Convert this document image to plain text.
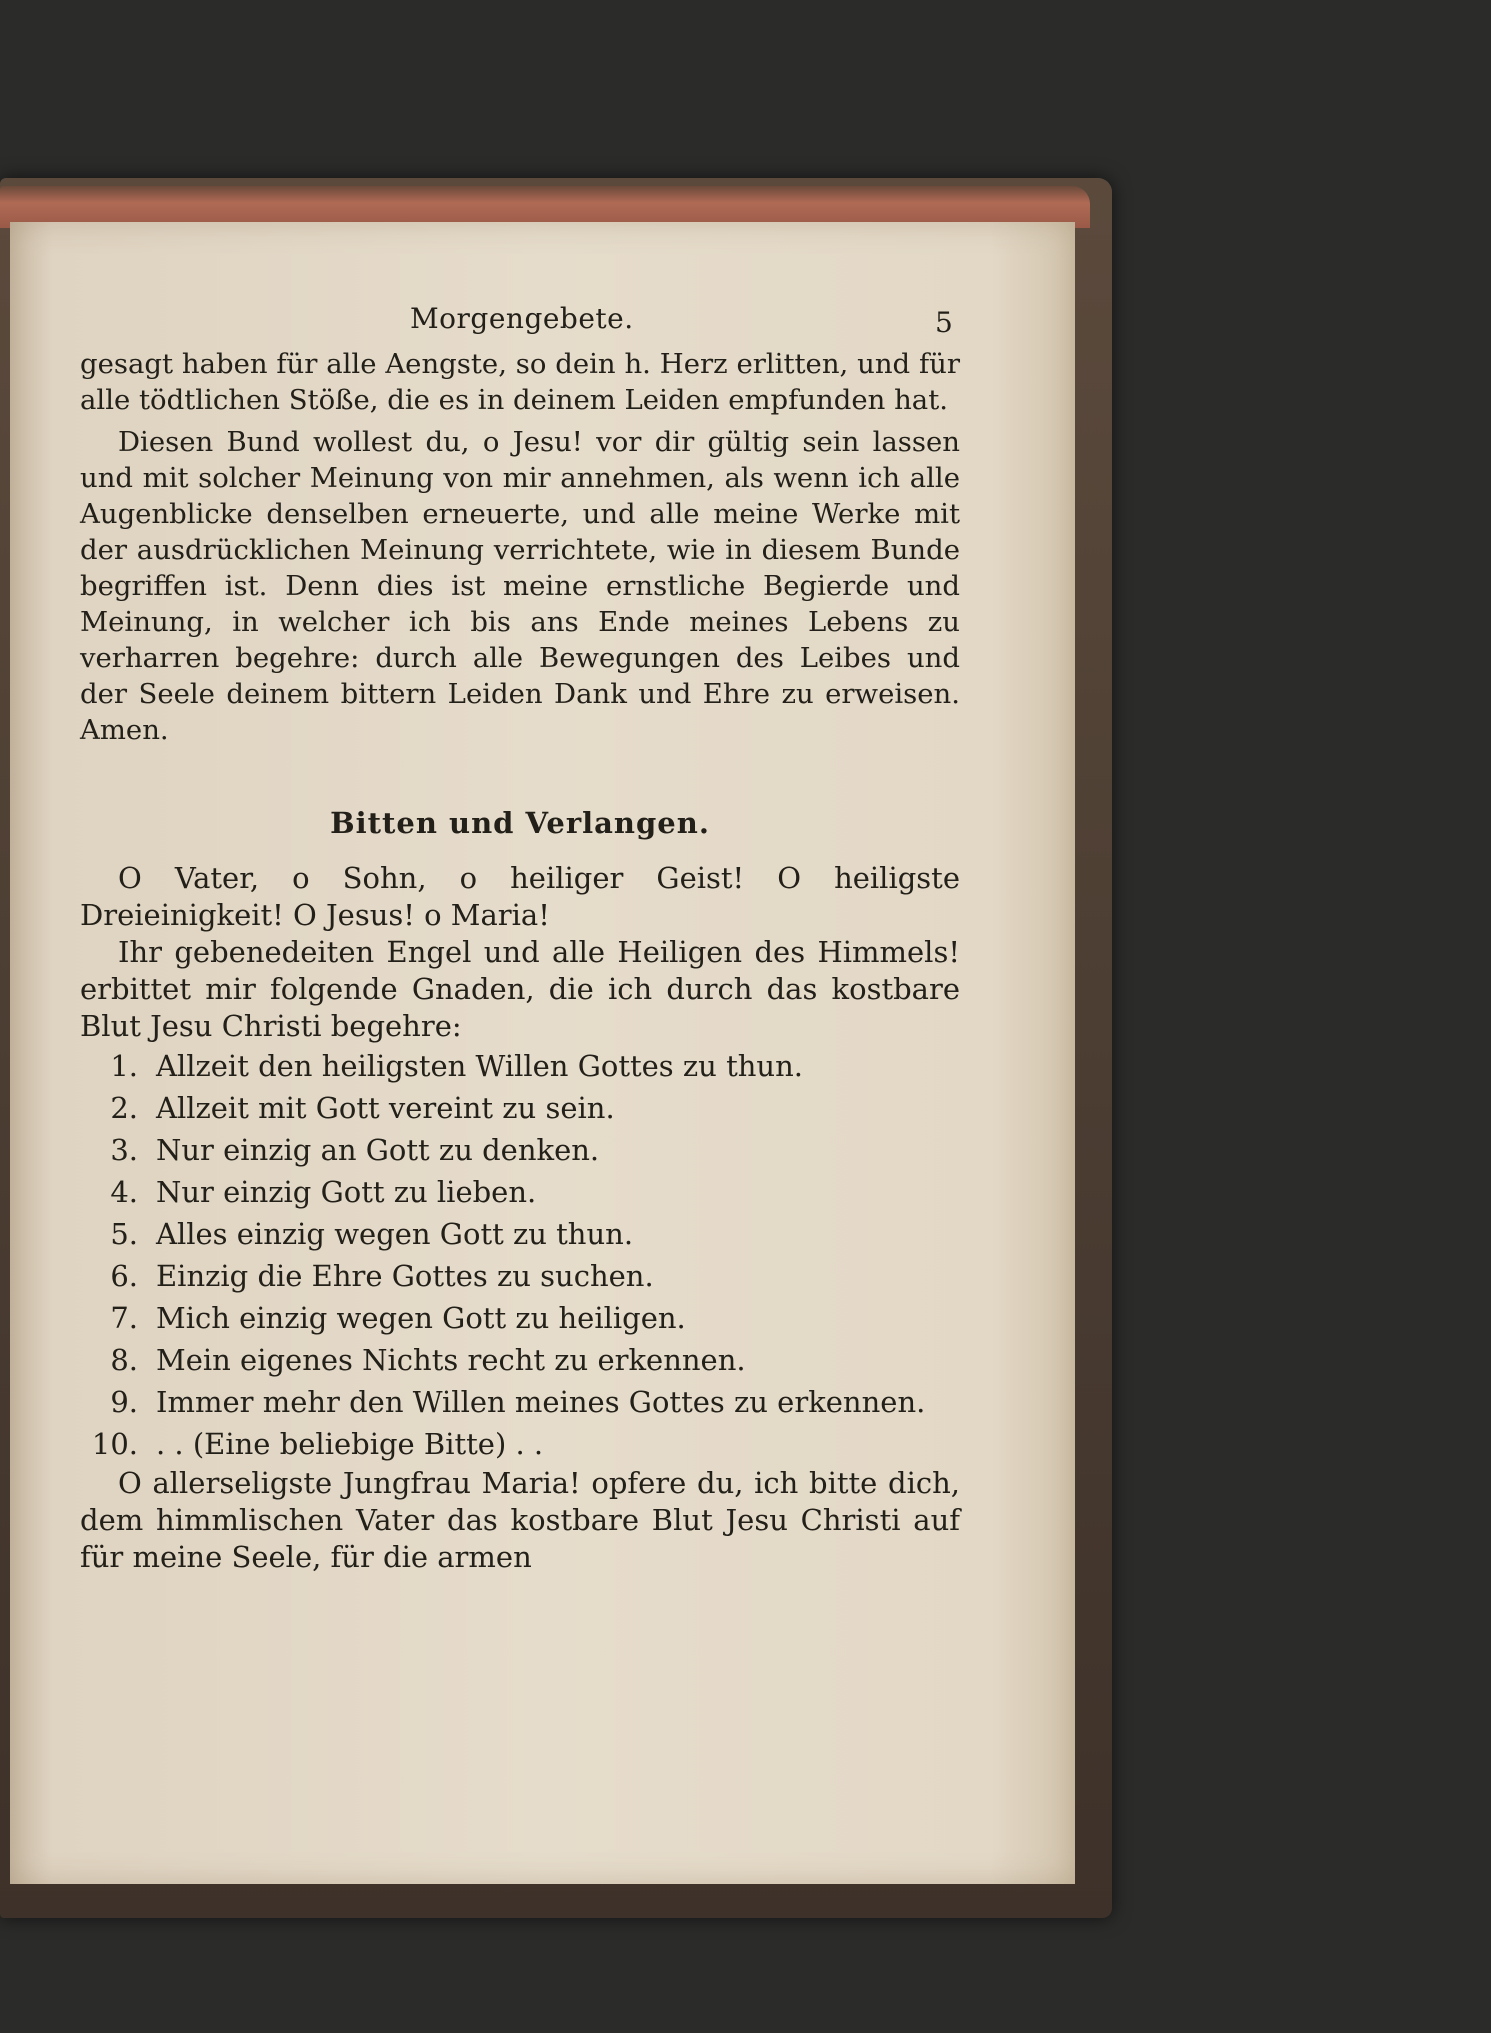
Morgengebete.	5

gesagt haben für alle Aengste, so dein h. Herz erlitten, und für alle tödtlichen Stöße, die es in deinem Leiden empfunden hat.

Diesen Bund wollest du, o Jesu! vor dir gültig sein lassen und mit solcher Meinung von mir annehmen, als wenn ich alle Augenblicke denselben erneuerte, und alle meine Werke mit der ausdrücklichen Meinung verrichtete, wie in diesem Bunde begriffen ist. Denn dies ist meine ernstliche Begierde und Meinung, in welcher ich bis ans Ende meines Lebens zu verharren begehre: durch alle Bewegungen des Leibes und der Seele deinem bittern Leiden Dank und Ehre zu erweisen. Amen.

Bitten und Verlangen.

O Vater, o Sohn, o heiliger Geist! O heiligste Dreieinigkeit! O Jesus! o Maria!

Ihr gebenedeiten Engel und alle Heiligen des Himmels! erbittet mir folgende Gnaden, die ich durch das kostbare Blut Jesu Christi begehre:

1. Allzeit den heiligsten Willen Gottes zu thun.
2. Allzeit mit Gott vereint zu sein.
3. Nur einzig an Gott zu denken.
4. Nur einzig Gott zu lieben.
5. Alles einzig wegen Gott zu thun.
6. Einzig die Ehre Gottes zu suchen.
7. Mich einzig wegen Gott zu heiligen.
8. Mein eigenes Nichts recht zu erkennen.
9. Immer mehr den Willen meines Gottes zu erkennen.
10. . . (Eine beliebige Bitte) . .

O allerseligste Jungfrau Maria! opfere du, ich bitte dich, dem himmlischen Vater das kostbare Blut Jesu Christi auf für meine Seele, für die armen
